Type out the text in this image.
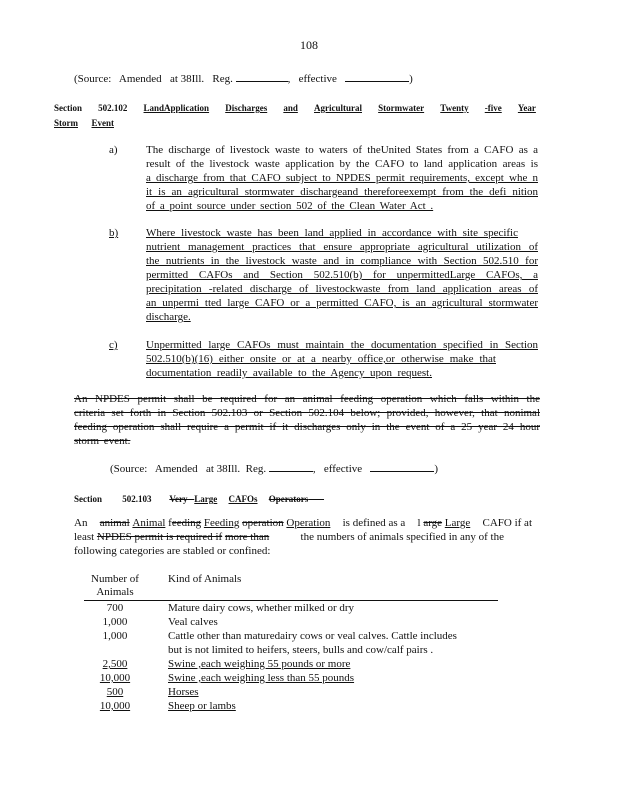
108
(Source: Amended at 38Ill. Reg.	,   effective	)
Section 502.102 LandApplication Discharges and Agricultural Stormwater Twenty -five Year
Storm Event
a)	The discharge of livestock waste to waters of theUnited States from a CAFO as a
result of the livestock waste application by the CAFO to land application areas is
a discharge from that CAFO subject to NPDES permit requirements, except whe n
it is an agricultural stormwater dischargeand thereforeexempt from the defi nition
of a point source under section 502 of the Clean Water Act .
b)	Where livestock waste has been land applied in accordance with site specific
nutrient management practices that ensure appropriate agricultural utilization of
the nutrients in the livestock waste and in compliance with Section 502.510 for
permitted CAFOs and Section 502.510(b) for unpermittedLarge CAFOs, a
precipitation -related discharge of livestockwaste from land application areas of
an unpermi tted large CAFO or a permitted CAFO, is an agricultural stormwater
discharge.
c)	Unpermitted large CAFOs must maintain the documentation specified in Section
502.510(b)(16) either onsite or at a nearby office,or otherwise make that
documentation readily available to the Agency upon request.
An NPDES permit shall be required for an animal feeding operation which falls within the
criteria set forth in Section 502.103 or Section 502.104 below; provided, however, that nonimal
feeding operation shall require a permit if it discharges only in the event of a 25 year 24 hour
storm event.
(Source: Amended at 38Ill. Reg.	,   effective	)
Section 502.103 Very Large CAFOs Operators
An animal Animal feeding Feeding operation Operation is defined as a l arge Large CAFO if at
least NPDES permit is required if more than	the numbers of animals specified in any of the
following categories are stabled or confined:
Number of
Animals	Kind of Animals
700	Mature dairy cows, whether milked or dry
1,000	Veal calves
1,000	Cattle other than maturedairy cows or veal calves. Cattle includes
	but is not limited to heifers, steers, bulls and cow/calf pairs .
2,500	Swine ,each weighing 55 pounds or more
10,000	Swine ,each weighing less than 55 pounds
500	Horses
10,000	Sheep or lambs
